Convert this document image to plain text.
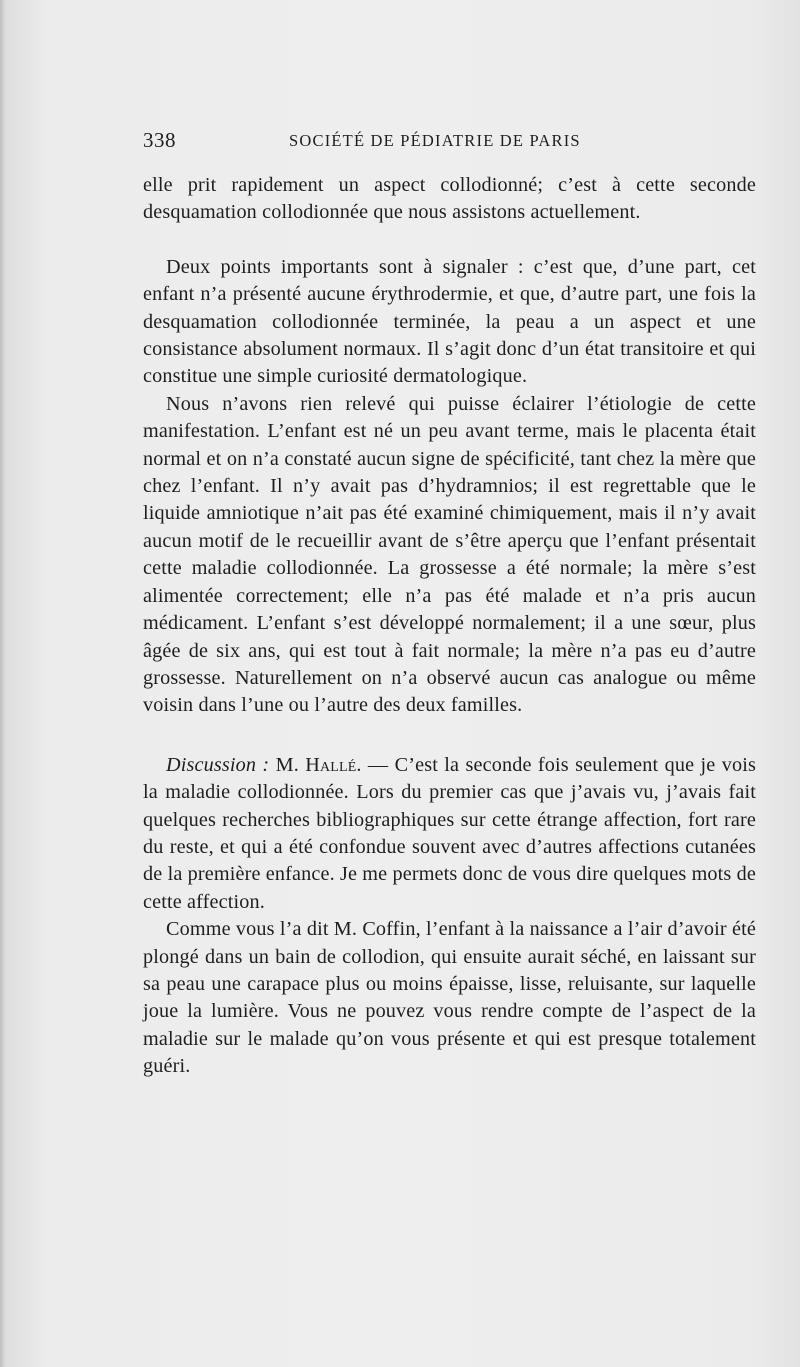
338	SOCIÉTÉ DE PÉDIATRIE DE PARIS

elle prit rapidement un aspect collodionné; c’est à cette seconde desquamation collodionnée que nous assistons actuellement.

Deux points importants sont à signaler : c’est que, d’une part, cet enfant n’a présenté aucune érythrodermie, et que, d’autre part, une fois la desquamation collodionnée terminée, la peau a un aspect et une consistance absolument normaux. Il s’agit donc d’un état transitoire et qui constitue une simple curiosité dermatologique.

Nous n’avons rien relevé qui puisse éclairer l’étiologie de cette manifestation. L’enfant est né un peu avant terme, mais le placenta était normal et on n’a constaté aucun signe de spécificité, tant chez la mère que chez l’enfant. Il n’y avait pas d’hydramnios; il est regrettable que le liquide amniotique n’ait pas été examiné chimiquement, mais il n’y avait aucun motif de le recueillir avant de s’être aperçu que l’enfant présentait cette maladie collodionnée. La grossesse a été normale; la mère s’est alimentée correctement; elle n’a pas été malade et n’a pris aucun médicament. L’enfant s’est développé normalement; il a une sœur, plus âgée de six ans, qui est tout à fait normale; la mère n’a pas eu d’autre grossesse. Naturellement on n’a observé aucun cas analogue ou même voisin dans l’une ou l’autre des deux familles.

Discussion : M. Hallé. — C’est la seconde fois seulement que je vois la maladie collodionnée. Lors du premier cas que j’avais vu, j’avais fait quelques recherches bibliographiques sur cette étrange affection, fort rare du reste, et qui a été confondue souvent avec d’autres affections cutanées de la première enfance. Je me permets donc de vous dire quelques mots de cette affection.

Comme vous l’a dit M. Coffin, l’enfant à la naissance a l’air d’avoir été plongé dans un bain de collodion, qui ensuite aurait séché, en laissant sur sa peau une carapace plus ou moins épaisse, lisse, reluisante, sur laquelle joue la lumière. Vous ne pouvez vous rendre compte de l’aspect de la maladie sur le malade qu’on vous présente et qui est presque totalement guéri.
